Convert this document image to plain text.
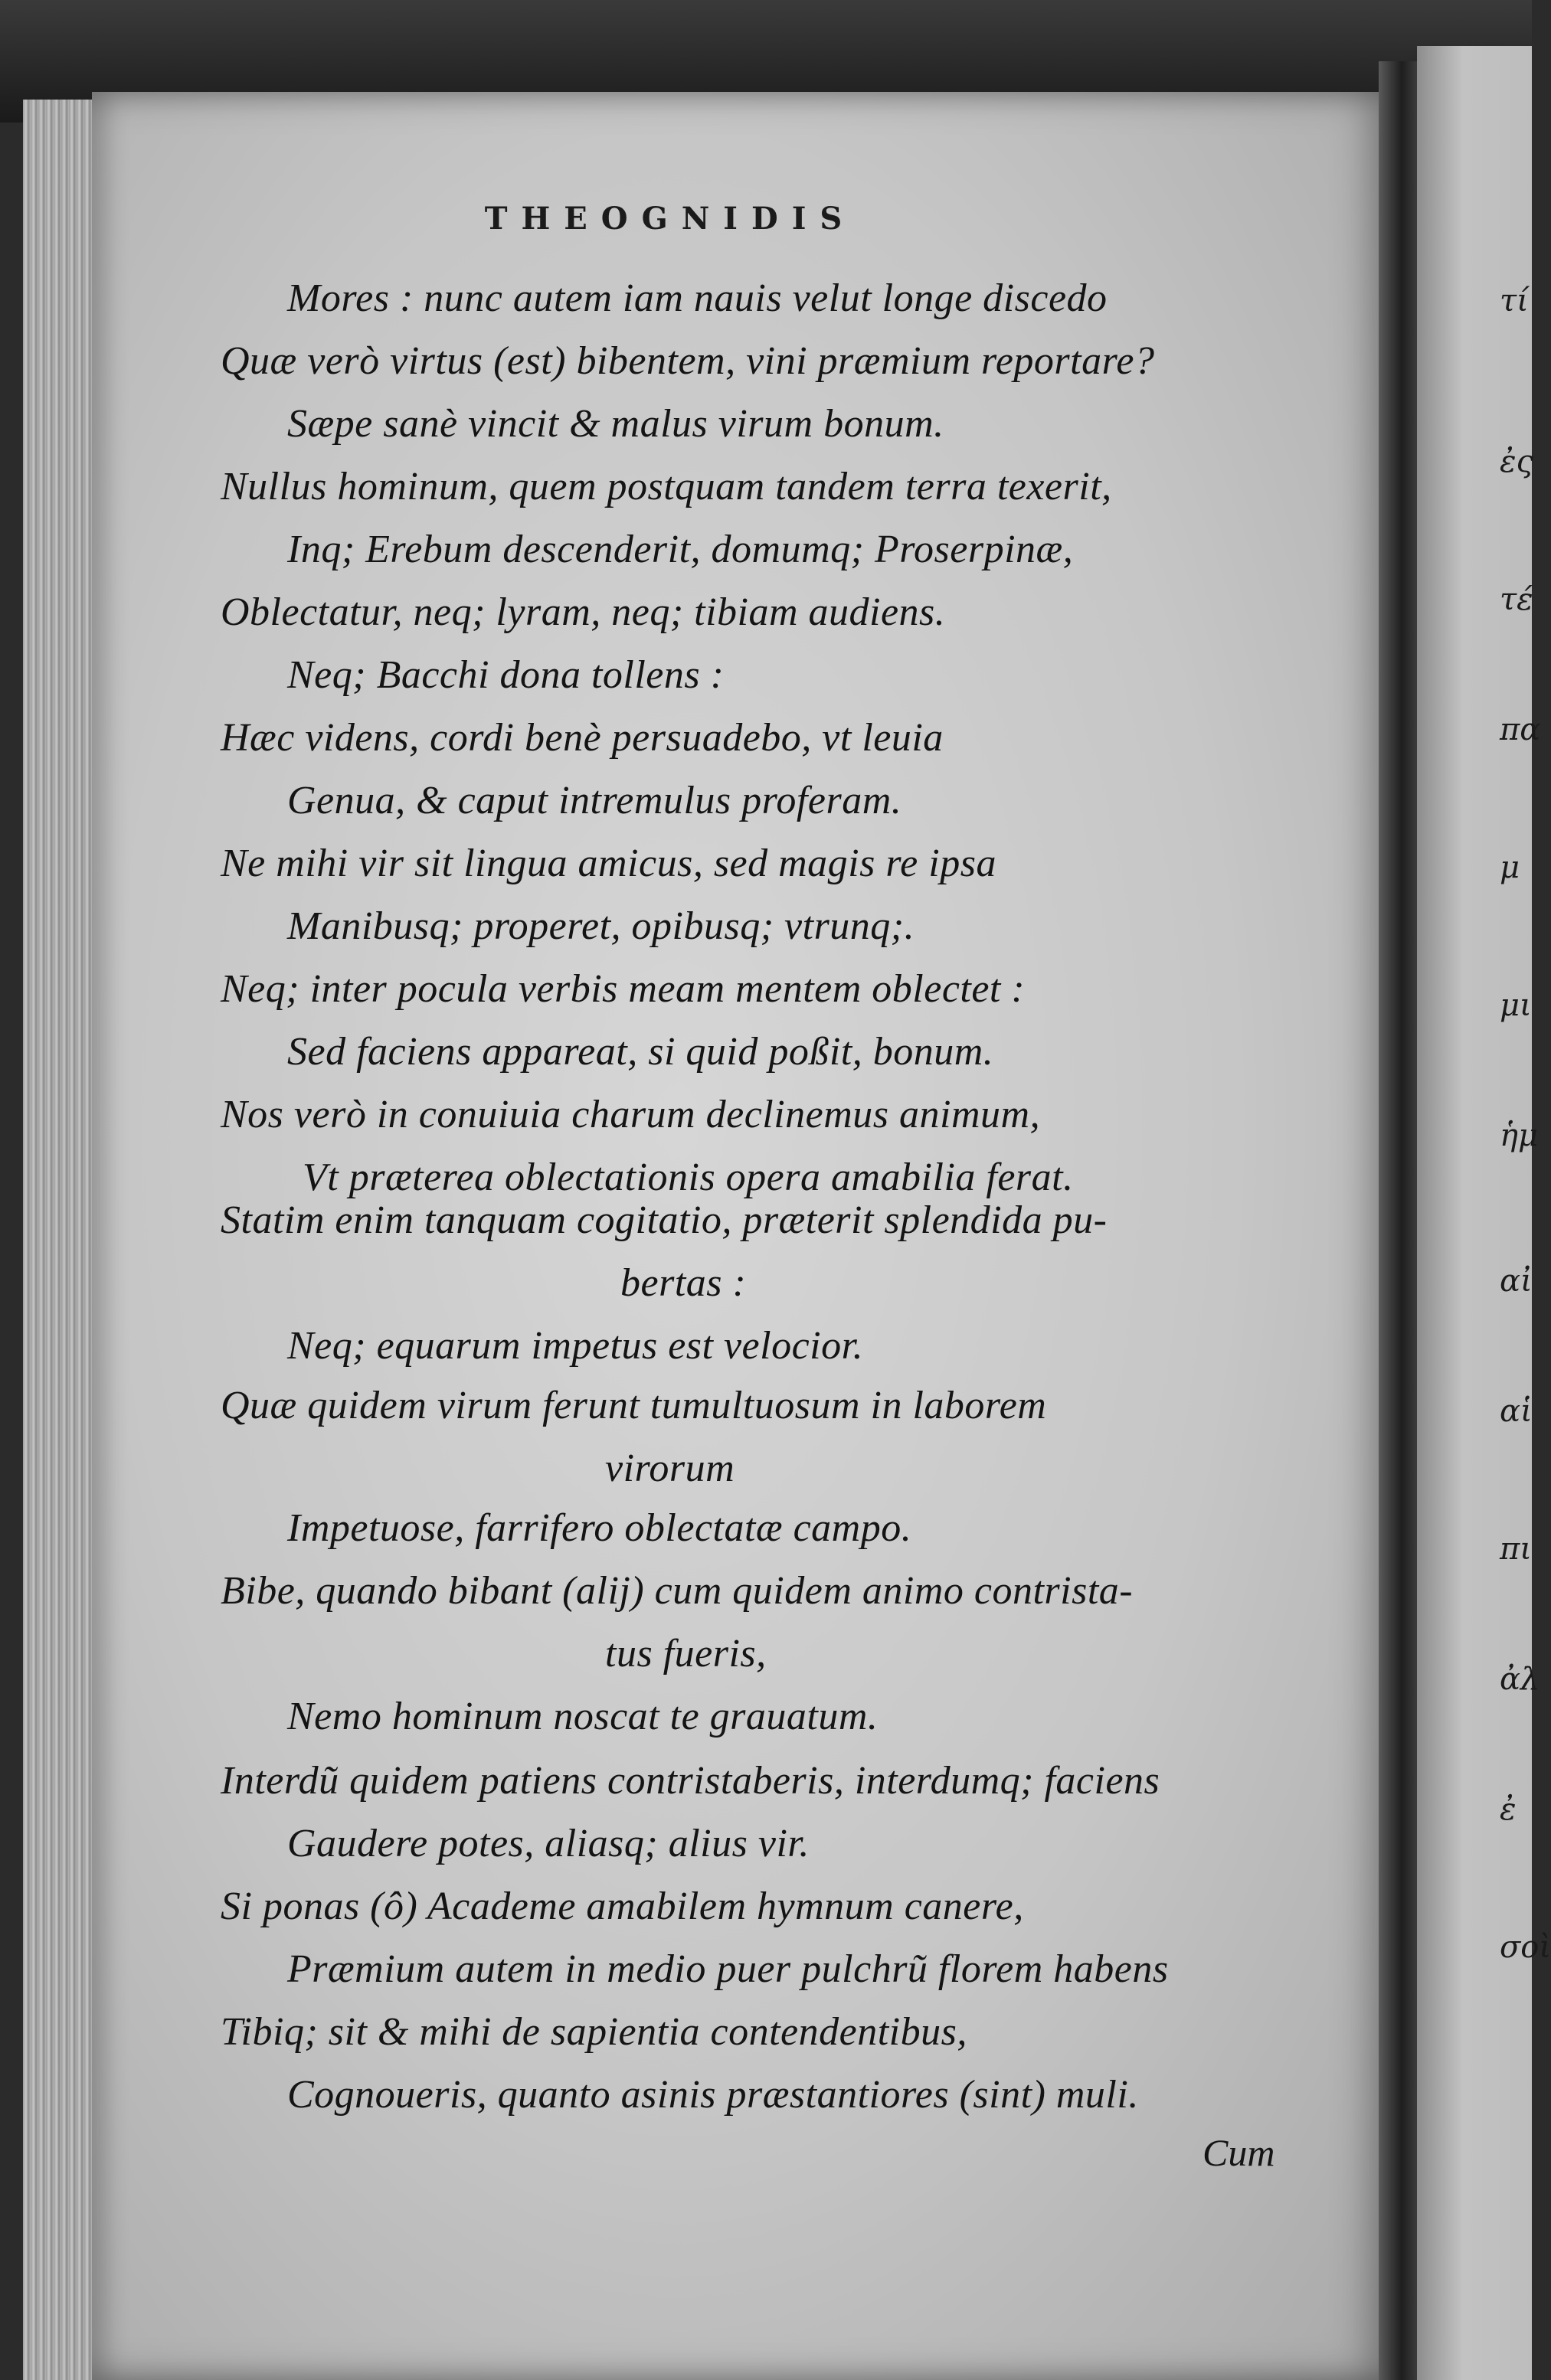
THEOGNIDIS
Mores : nunc autem iam nauis velut longe discedo
Quæ verò virtus (est) bibentem, vini præmium reportare?
Sæpe sanè vincit & malus virum bonum.
Nullus hominum, quem postquam tandem terra texerit,
Inq; Erebum descenderit, domumq; Proserpinæ,
Oblectatur, neq; lyram, neq; tibiam audiens.
Neq; Bacchi dona tollens :
Hæc videns, cordi benè persuadebo, vt leuia
Genua, & caput intremulus proferam.
Ne mihi vir sit lingua amicus, sed magis re ipsa
Manibusq; properet, opibusq; vtrunq;.
Neq; inter pocula verbis meam mentem oblectet :
Sed faciens appareat, si quid poßit, bonum.
Nos verò in conuiuia charum declinemus animum,
Vt præterea oblectationis opera amabilia ferat.
Statim enim tanquam cogitatio, præterit splendida pu-
bertas :
Neq; equarum impetus est velocior.
Quæ quidem virum ferunt tumultuosum in laborem
virorum
Impetuose, farrifero oblectatæ campo.
Bibe, quando bibant (alij) cum quidem animo contrista-
tus fueris,
Nemo hominum noscat te grauatum.
Interdũ quidem patiens contristaberis, interdumq; faciens
Gaudere potes, aliasq; alius vir.
Si ponas (ô) Academe amabilem hymnum canere,
Præmium autem in medio puer pulchrũ florem habens
Tibiq; sit & mihi de sapientia contendentibus,
Cognoueris, quanto asinis præstantiores (sint) muli.
Cum
τί
ἐς
τέ
πα
μ
μι
ἡμ
αἰ
αἱ
πι
ἀλ
ἐ
σοὶ
